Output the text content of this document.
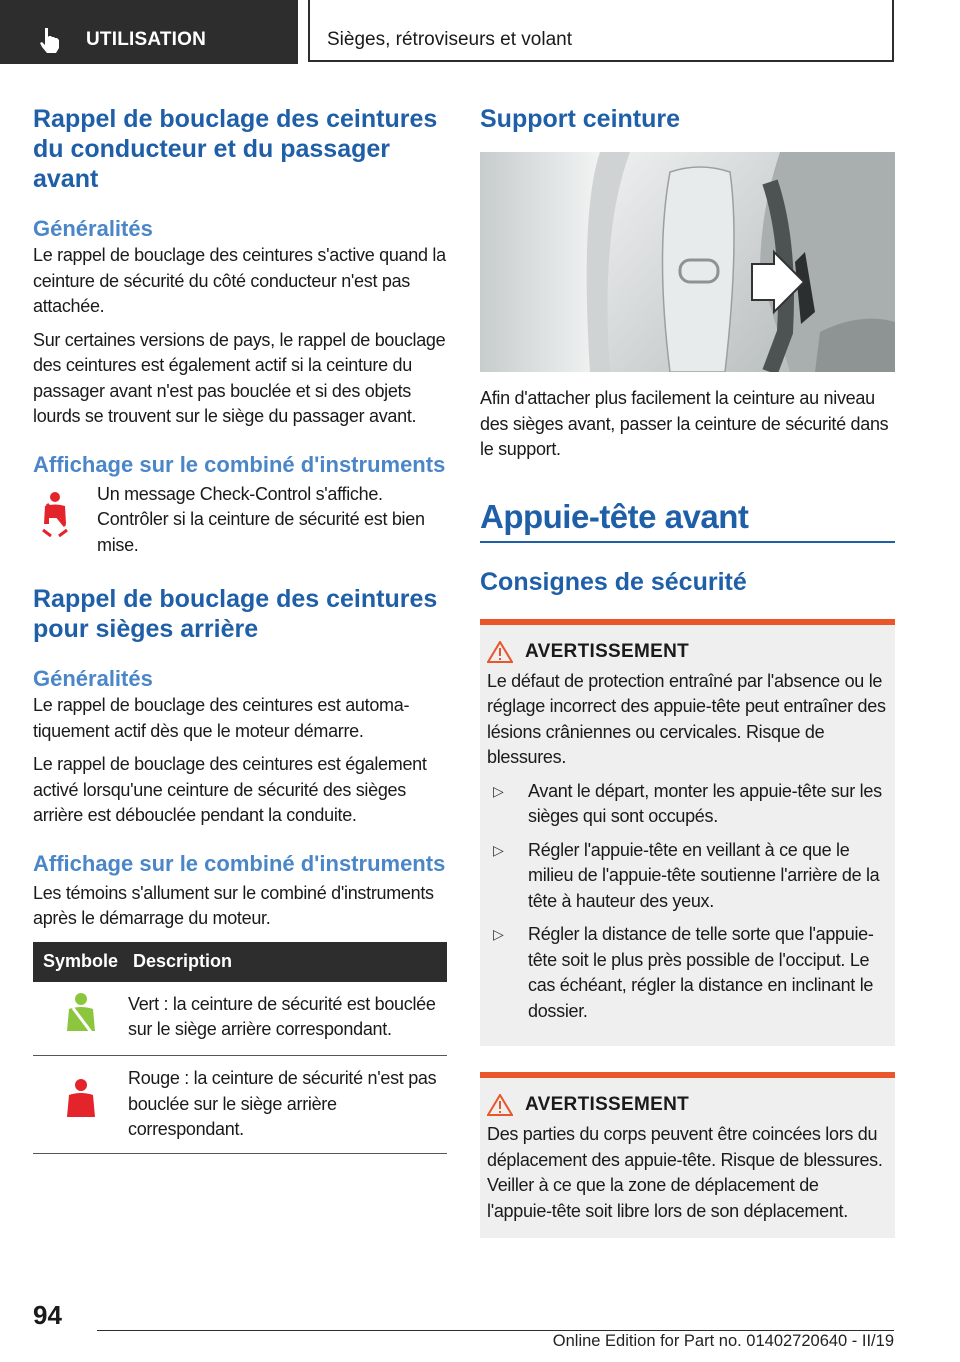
UTILISATION	Sièges, rétroviseurs et volant
Rappel de bouclage des ceintures du conducteur et du passager avant
Généralités

Le rappel de bouclage des ceintures s'active quand la ceinture de sécurité du côté conducteur n'est pas attachée.

Sur certaines versions de pays, le rappel de bouclage des ceintures est également actif si la ceinture du passager avant n'est pas bouclée et si des objets lourds se trouvent sur le siège du passager avant.

Affichage sur le combiné d'instruments

Un message Check-Control s'affiche. Contrôler si la ceinture de sécurité est bien mise.

Rappel de bouclage des ceintures pour sièges arrière
Généralités

Le rappel de bouclage des ceintures est automatiquement actif dès que le moteur démarre.

Le rappel de bouclage des ceintures est également activé lorsqu'une ceinture de sécurité des sièges arrière est débouclée pendant la conduite.

Affichage sur le combiné d'instruments

Les témoins s'allument sur le combiné d'instruments après le démarrage du moteur.

Symbole	Description
	Vert : la ceinture de sécurité est bouclée sur le siège arrière correspondant.
	Rouge : la ceinture de sécurité n'est pas bouclée sur le siège arrière correspondant.
Support ceinture

Afin d'attacher plus facilement la ceinture au niveau des sièges avant, passer la ceinture de sécurité dans le support.

Appuie-tête avant
Consignes de sécurité
AVERTISSEMENT

Le défaut de protection entraîné par l'absence ou le réglage incorrect des appuie-tête peut entraîner des lésions crâniennes ou cervicales. Risque de blessures.

▷	Avant le départ, monter les appuie-tête sur les sièges qui sont occupés.
▷	Régler l'appuie-tête en veillant à ce que le milieu de l'appuie-tête soutienne l'arrière de la tête à hauteur des yeux.
▷	Régler la distance de telle sorte que l'appuie-tête soit le plus près possible de l'occiput. Le cas échéant, régler la distance en inclinant le dossier.
AVERTISSEMENT

Des parties du corps peuvent être coincées lors du déplacement des appuie-tête. Risque de blessures. Veiller à ce que la zone de déplacement de l'appuie-tête soit libre lors de son déplacement.

94
Online Edition for Part no. 01402720640 - II/19
